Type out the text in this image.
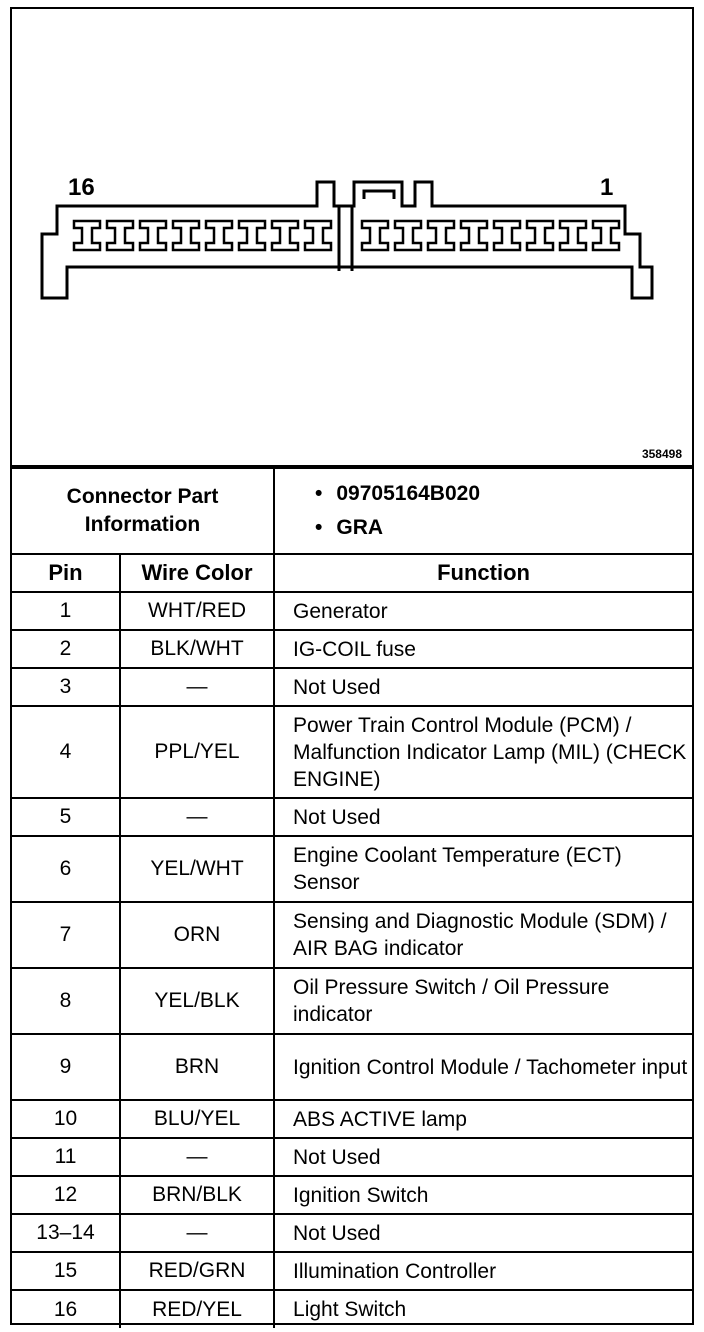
16	1
358498
Connector Part Information		• 09705164B020
• GRA

Pin	Wire Color	Function
1	WHT/RED	Generator
2	BLK/WHT	IG-COIL fuse
3	—	Not Used
4	PPL/YEL	Power Train Control Module (PCM) / Malfunction Indicator Lamp (MIL) (CHECK ENGINE)
5	—	Not Used
6	YEL/WHT	Engine Coolant Temperature (ECT) Sensor
7	ORN	Sensing and Diagnostic Module (SDM) / AIR BAG indicator
8	YEL/BLK	Oil Pressure Switch / Oil Pressure indicator
9	BRN	Ignition Control Module / Tachometer input
10	BLU/YEL	ABS ACTIVE lamp
11	—	Not Used
12	BRN/BLK	Ignition Switch
13–14	—	Not Used
15	RED/GRN	Illumination Controller
16	RED/YEL	Light Switch
